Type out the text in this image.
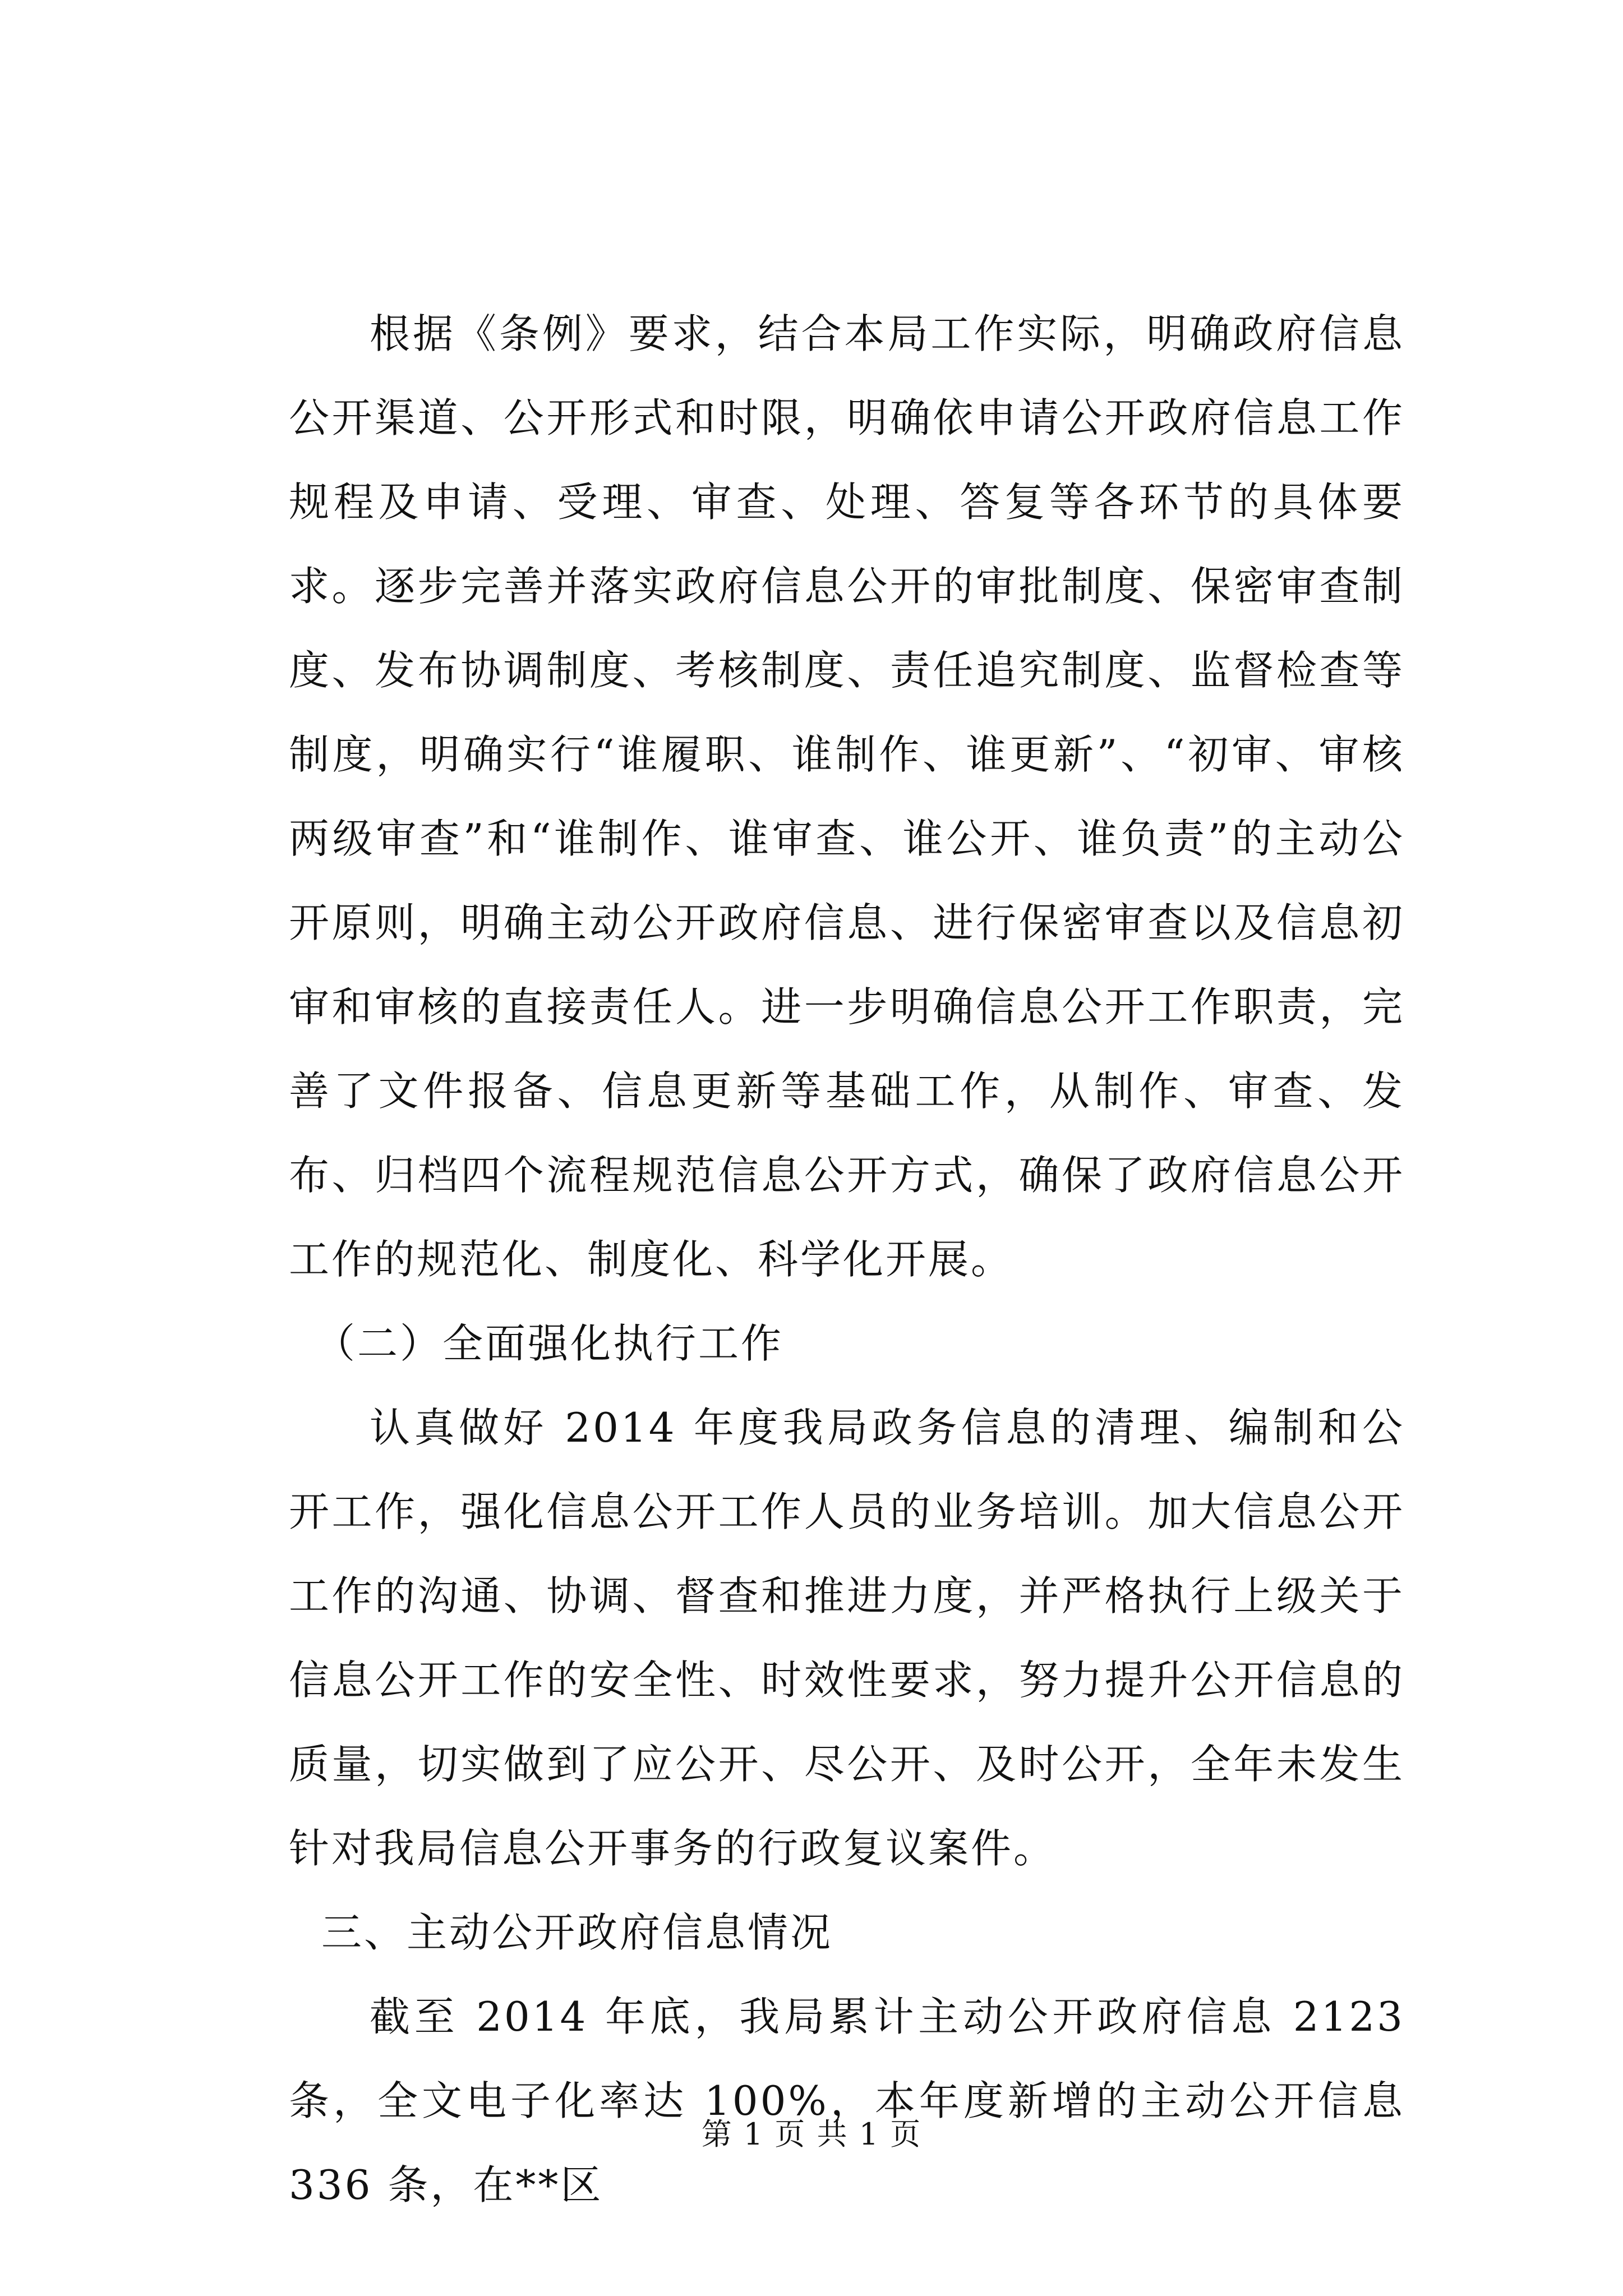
根据《条例》要求，结合本局工作实际，明确政府信息公开渠道、公开形式和时限，明确依申请公开政府信息工作规程及申请、受理、审查、处理、答复等各环节的具体要求。逐步完善并落实政府信息公开的审批制度、保密审查制度、发布协调制度、考核制度、责任追究制度、监督检查等制度，明确实行“谁履职、谁制作、谁更新”、“初审、审核两级审查”和“谁制作、谁审查、谁公开、谁负责”的主动公开原则，明确主动公开政府信息、进行保密审查以及信息初审和审核的直接责任人。进一步明确信息公开工作职责，完善了文件报备、信息更新等基础工作，从制作、审查、发布、归档四个流程规范信息公开方式，确保了政府信息公开工作的规范化、制度化、科学化开展。

（二）全面强化执行工作

认真做好 2014 年度我局政务信息的清理、编制和公开工作，强化信息公开工作人员的业务培训。加大信息公开工作的沟通、协调、督查和推进力度，并严格执行上级关于信息公开工作的安全性、时效性要求，努力提升公开信息的质量，切实做到了应公开、尽公开、及时公开，全年未发生针对我局信息公开事务的行政复议案件。

三、主动公开政府信息情况

截至 2014 年底，我局累计主动公开政府信息 2123 条，全文电子化率达 100%，本年度新增的主动公开信息 336 条，在**区

第 1 页 共 1 页
